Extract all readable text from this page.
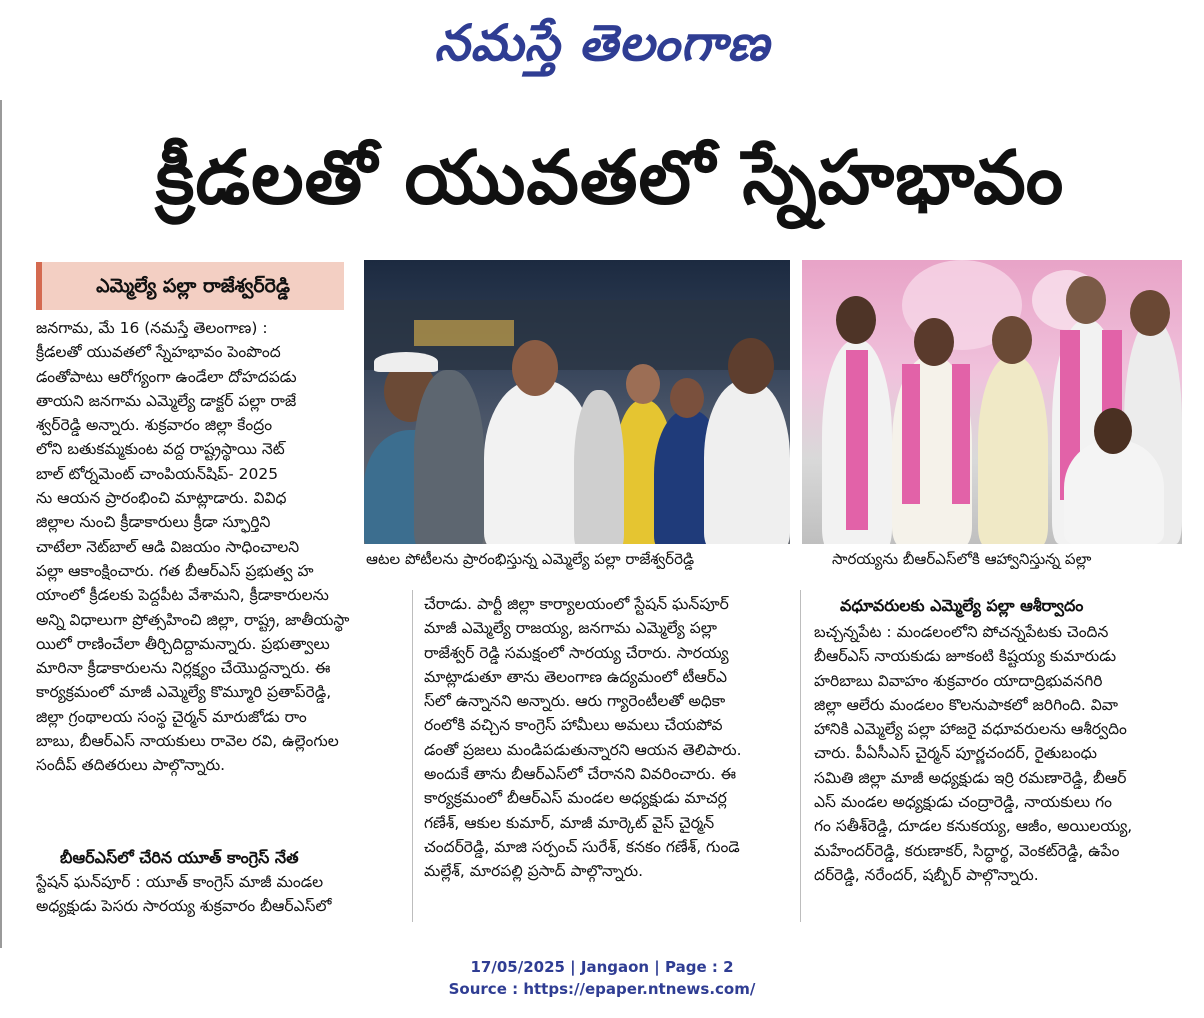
నమస్తే తెలంగాణ
క్రీడలతో యువతలో స్నేహభావం
ఎమ్మెల్యే పల్లా రాజేశ్వర్‌రెడ్డి

జనగామ, మే 16 (నమస్తే తెలంగాణ) :

క్రీడలతో యువతలో స్నేహభావం పెంపొంద

డంతోపాటు ఆరోగ్యంగా ఉండేలా దోహదపడు

తాయని జనగామ ఎమ్మెల్యే డాక్టర్ పల్లా రాజే

శ్వర్‌రెడ్డి అన్నారు. శుక్రవారం జిల్లా కేంద్రం

లోని బతుకమ్మకుంట వద్ద రాష్ట్రస్థాయి నెట్

బాల్ టోర్నమెంట్ చాంపియన్‌షిప్- 2025

ను ఆయన ప్రారంభించి మాట్లాడారు. వివిధ

జిల్లాల నుంచి క్రీడాకారులు క్రీడా స్ఫూర్తిని

చాటేలా నెట్‌బాల్ ఆడి విజయం సాధించాలని

పల్లా ఆకాంక్షించారు. గత బీఆర్‌ఎస్ ప్రభుత్వ హ

యాంలో క్రీడలకు పెద్దపీట వేశామని, క్రీడాకారులను

అన్ని విధాలుగా ప్రోత్సహించి జిల్లా, రాష్ట్ర, జాతీయస్థా

యిలో రాణించేలా తీర్చిదిద్దామన్నారు. ప్రభుత్వాలు

మారినా క్రీడాకారులను నిర్లక్ష్యం చేయొద్దన్నారు. ఈ

కార్యక్రమంలో మాజీ ఎమ్మెల్యే కొమ్మూరి ప్రతాప్‌రెడ్డి,

జిల్లా గ్రంథాలయ సంస్థ చైర్మన్ మారుజోడు రాం

బాబు, బీఆర్‌ఎస్ నాయకులు రావెల రవి, ఉల్లెంగుల

సందీప్ తదితరులు పాల్గొన్నారు.

బీఆర్‌ఎస్‌లో చేరిన యూత్ కాంగ్రెస్ నేత

స్టేషన్ ఘన్‌పూర్ : యూత్ కాంగ్రెస్ మాజీ మండల

అధ్యక్షుడు పెసరు సారయ్య శుక్రవారం బీఆర్‌ఎస్‌లో

ఆటల పోటీలను ప్రారంభిస్తున్న ఎమ్మెల్యే పల్లా రాజేశ్వర్‌రెడ్డి	సారయ్యను బీఆర్‌ఎస్‌లోకి ఆహ్వానిస్తున్న పల్లా

చేరాడు. పార్టీ జిల్లా కార్యాలయంలో స్టేషన్ ఘన్‌పూర్

మాజీ ఎమ్మెల్యే రాజయ్య, జనగామ ఎమ్మెల్యే పల్లా

రాజేశ్వర్ రెడ్డి సమక్షంలో సారయ్య చేరారు. సారయ్య

మాట్లాడుతూ తాను తెలంగాణ ఉద్యమంలో టీఆర్‌ఎ

స్‌లో ఉన్నానని అన్నారు. ఆరు గ్యారెంటీలతో అధికా

రంలోకి వచ్చిన కాంగ్రెస్ హామీలు అమలు చేయపోవ

డంతో ప్రజలు మండిపడుతున్నారని ఆయన తెలిపారు.

అందుకే తాను బీఆర్‌ఎస్‌లో చేరానని వివరించారు. ఈ

కార్యక్రమంలో బీఆర్‌ఎస్ మండల అధ్యక్షుడు మాచర్ల

గణేశ్, ఆకుల కుమార్, మాజీ మార్కెట్ వైస్ చైర్మన్

చందర్‌రెడ్డి, మాజి సర్పంచ్ సురేశ్, కనకం గణేశ్, గుండె

మల్లేశ్, మారపల్లి ప్రసాద్ పాల్గొన్నారు.

వధూవరులకు ఎమ్మెల్యే పల్లా ఆశీర్వాదం

బచ్చన్నపేట : మండలంలోని పోచన్నపేటకు చెందిన

బీఆర్‌ఎస్ నాయకుడు జూకంటి కిష్టయ్య కుమారుడు

హరిబాబు వివాహం శుక్రవారం యాదాద్రిభువనగిరి

జిల్లా ఆలేరు మండలం కొలనుపాకలో జరిగింది. వివా

హానికి ఎమ్మెల్యే పల్లా హాజరై వధూవరులను ఆశీర్వదిం

చారు. పీఏసీఎస్ చైర్మన్ పూర్ణచందర్, రైతుబంధు

సమితి జిల్లా మాజీ అధ్యక్షుడు ఇర్రి రమణారెడ్డి, బీఆర్

ఎస్ మండల అధ్యక్షుడు చంద్రారెడ్డి, నాయకులు గం

గం సతీశ్‌రెడ్డి, దూడల కనుకయ్య, ఆజీం, అయిలయ్య,

మహేందర్‌రెడ్డి, కరుణాకర్, సిద్ధార్థ, వెంకట్‌రెడ్డి, ఉపేం

దర్‌రెడ్డి, నరేందర్, షబ్బీర్ పాల్గొన్నారు.

17/05/2025 | Jangaon | Page : 2
Source : https://epaper.ntnews.com/
